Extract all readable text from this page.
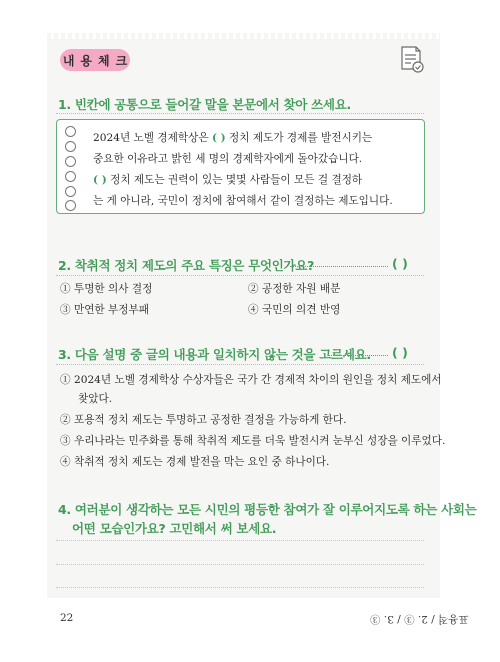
내 용 체 크
1. 빈칸에 공통으로 들어갈 말을 본문에서 찾아 쓰세요.
2024년 노벨 경제학상은 ( ) 정치 제도가 경제를 발전시키는
중요한 이유라고 밝힌 세 명의 경제학자에게 돌아갔습니다.
( ) 정치 제도는 권력이 있는 몇몇 사람들이 모든 걸 결정하
는 게 아니라, 국민이 정치에 참여해서 같이 결정하는 제도입니다.
2. 착취적 정치 제도의 주요 특징은 무엇인가요?	( )
① 투명한 의사 결정	② 공정한 자원 배분
③ 만연한 부정부패	④ 국민의 의견 반영
3. 다음 설명 중 글의 내용과 일치하지 않는 것을 고르세요. ( )
① 2024년 노벨 경제학상 수상자들은 국가 간 경제적 차이의 원인을 정치 제도에서
찾았다.
② 포용적 정치 제도는 투명하고 공정한 결정을 가능하게 한다.
③ 우리나라는 민주화를 통해 착취적 제도를 더욱 발전시켜 눈부신 성장을 이루었다.
④ 착취적 정치 제도는 경제 발전을 막는 요인 중 하나이다.
4. 여러분이 생각하는 모든 시민의 평등한 참여가 잘 이루어지도록 하는 사회는
어떤 모습인가요? 고민해서 써 보세요.
22	표용적 / 2. ③ / 3. ③
